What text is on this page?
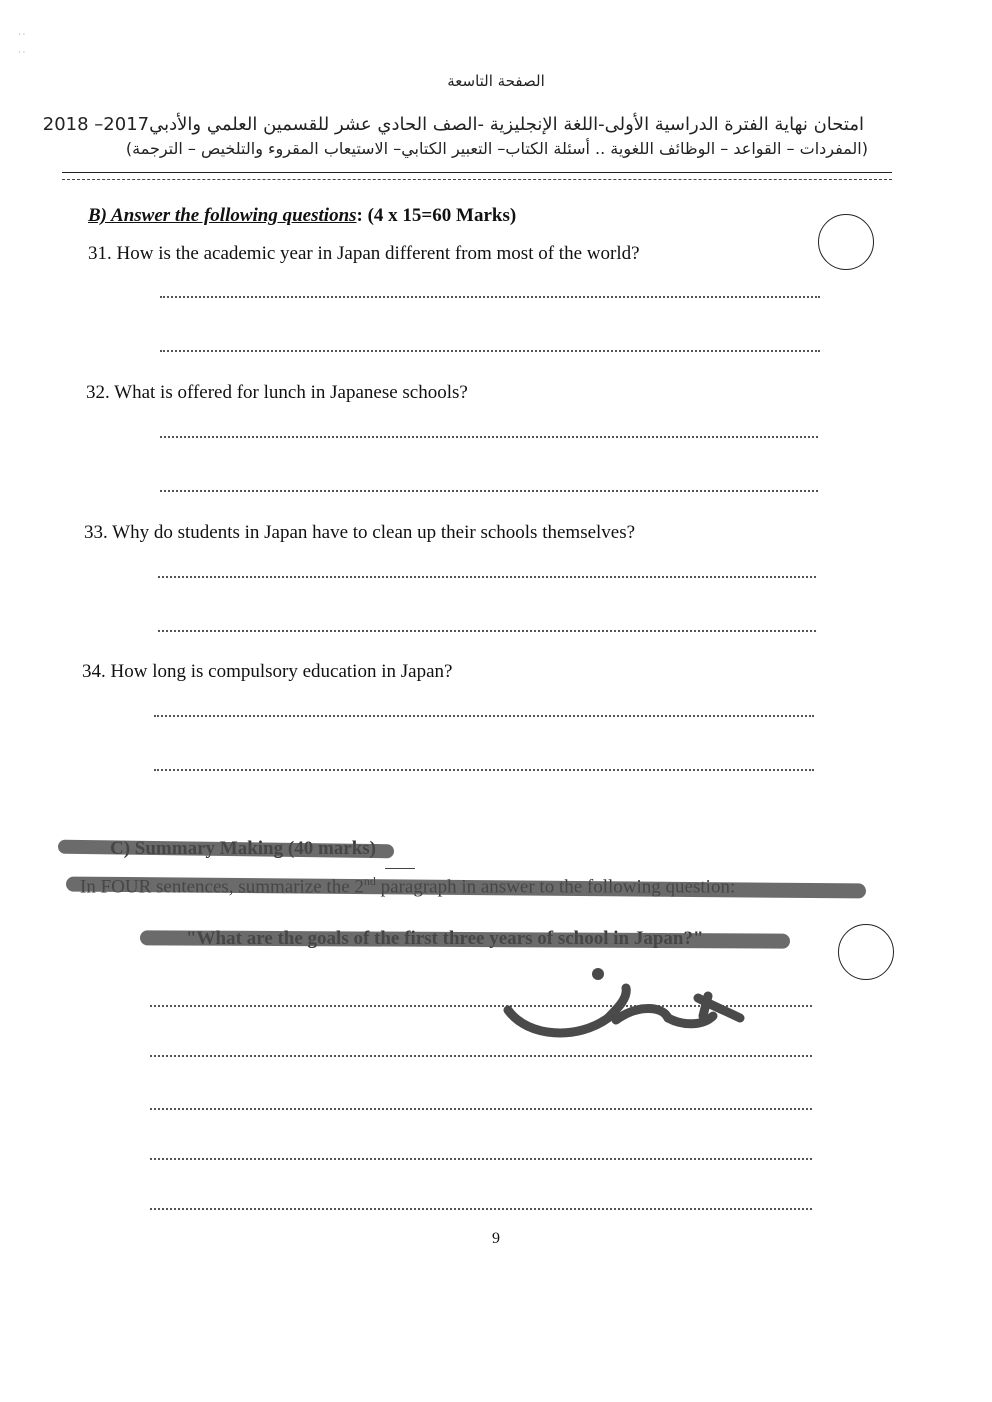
· ·

· ·
الصفحة التاسعة
امتحان نهاية الفترة الدراسية الأولى-اللغة الإنجليزية -الصف الحادي عشر للقسمين العلمي والأدبي2017– 2018
(المفردات – القواعد – الوظائف اللغوية .. أسئلة الكتاب– التعبير الكتابي– الاستيعاب المقروء والتلخيص – الترجمة)
B) Answer the following questions: (4 x 15=60 Marks)
31. How is the academic year in Japan different from most of the world?
32. What is offered for lunch in Japanese schools?
33. Why do students in Japan have to clean up their schools themselves?
34. How long is compulsory education in Japan?
9
